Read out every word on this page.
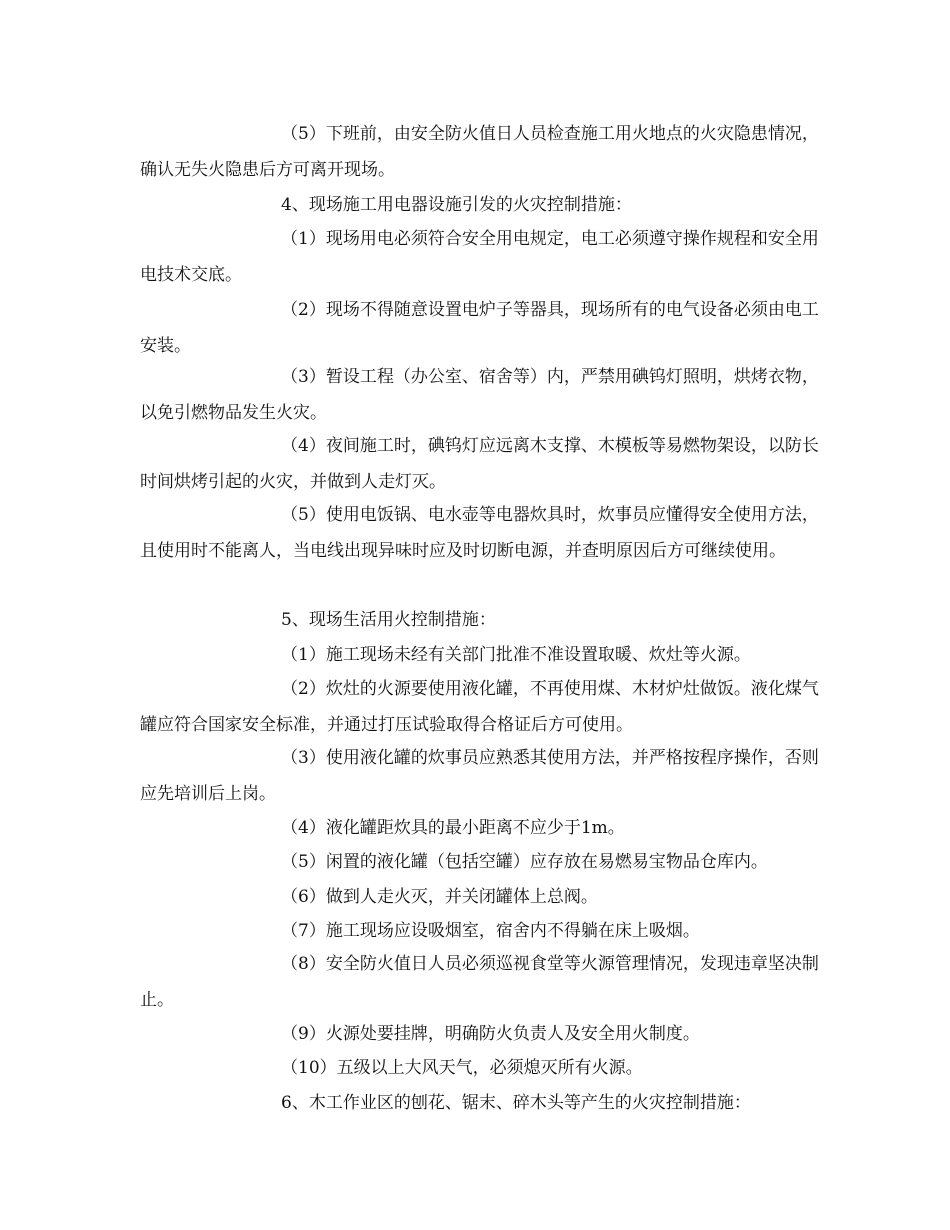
（5）下班前，由安全防火值日人员检查施工用火地点的火灾隐患情况，确认无失火隐患后方可离开现场。

4、现场施工用电器设施引发的火灾控制措施：

（1）现场用电必须符合安全用电规定，电工必须遵守操作规程和安全用电技术交底。

（2）现场不得随意设置电炉子等器具，现场所有的电气设备必须由电工安装。

（3）暂设工程（办公室、宿舍等）内，严禁用碘钨灯照明，烘烤衣物，以免引燃物品发生火灾。

（4）夜间施工时，碘钨灯应远离木支撑、木模板等易燃物架设，以防长时间烘烤引起的火灾，并做到人走灯灭。

（5）使用电饭锅、电水壶等电器炊具时，炊事员应懂得安全使用方法，且使用时不能离人，当电线出现异味时应及时切断电源，并查明原因后方可继续使用。

5、现场生活用火控制措施：

（1）施工现场未经有关部门批准不准设置取暖、炊灶等火源。

（2）炊灶的火源要使用液化罐，不再使用煤、木材炉灶做饭。液化煤气罐应符合国家安全标准，并通过打压试验取得合格证后方可使用。

（3）使用液化罐的炊事员应熟悉其使用方法，并严格按程序操作，否则应先培训后上岗。

（4）液化罐距炊具的最小距离不应少于1m。

（5）闲置的液化罐（包括空罐）应存放在易燃易宝物品仓库内。

（6）做到人走火灭，并关闭罐体上总阀。

（7）施工现场应设吸烟室，宿舍内不得躺在床上吸烟。

（8）安全防火值日人员必须巡视食堂等火源管理情况，发现违章坚决制止。

（9）火源处要挂牌，明确防火负责人及安全用火制度。

（10）五级以上大风天气，必须熄灭所有火源。

6、木工作业区的刨花、锯末、碎木头等产生的火灾控制措施：
